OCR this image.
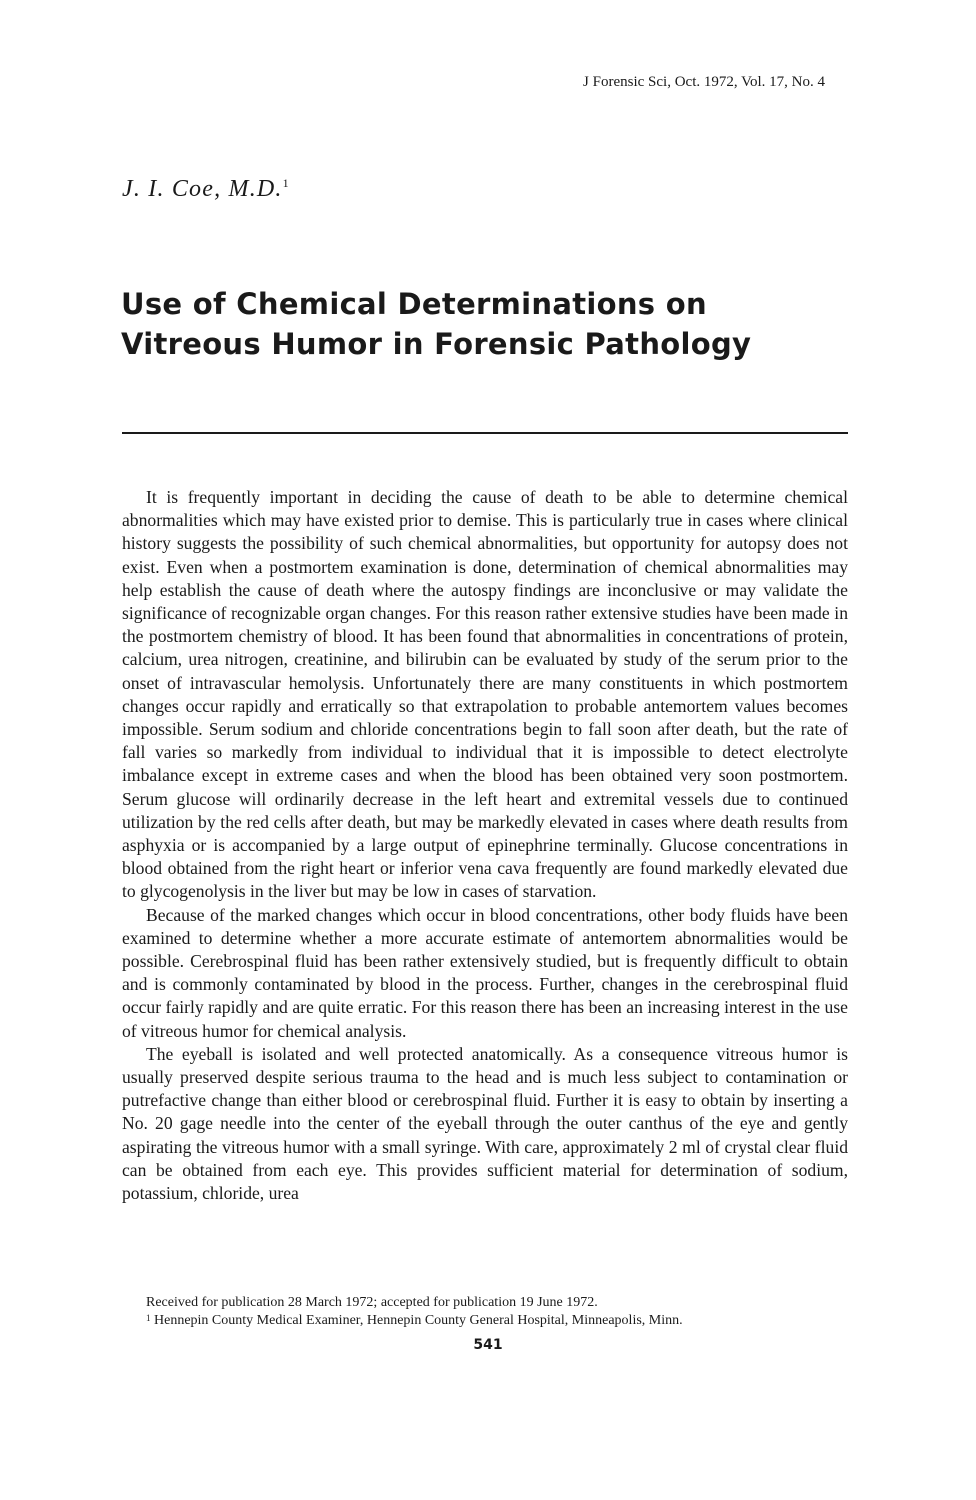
J Forensic Sci, Oct. 1972, Vol. 17, No. 4
J. I. Coe, M.D.$^1$
Use of Chemical Determinations on
Vitreous Humor in Forensic Pathology

It is frequently important in deciding the cause of death to be able to determine chemical abnormalities which may have existed prior to demise. This is particularly true in cases where clinical history suggests the possibility of such chemical abnormalities, but opportunity for autopsy does not exist. Even when a postmortem examination is done, determination of chemical abnormalities may help establish the cause of death where the autospy findings are inconclusive or may validate the significance of recognizable organ changes. For this reason rather extensive studies have been made in the postmortem chemistry of blood. It has been found that abnormalities in concentrations of protein, calcium, urea nitrogen, creatinine, and bilirubin can be evaluated by study of the serum prior to the onset of intravascular hemolysis. Unfortunately there are many constituents in which postmortem changes occur rapidly and erratically so that extrapolation to probable antemortem values becomes impossible. Serum sodium and chloride concentrations begin to fall soon after death, but the rate of fall varies so markedly from individual to individual that it is impossible to detect electrolyte imbalance except in extreme cases and when the blood has been obtained very soon postmortem. Serum glucose will ordinarily decrease in the left heart and extremital vessels due to continued utilization by the red cells after death, but may be markedly elevated in cases where death results from asphyxia or is accompanied by a large output of epinephrine terminally. Glucose concentrations in blood obtained from the right heart or inferior vena cava frequently are found markedly elevated due to glycogenolysis in the liver but may be low in cases of starvation.

Because of the marked changes which occur in blood concentrations, other body fluids have been examined to determine whether a more accurate estimate of antemortem abnormalities would be possible. Cerebrospinal fluid has been rather extensively studied, but is frequently difficult to obtain and is commonly contaminated by blood in the process. Further, changes in the cerebrospinal fluid occur fairly rapidly and are quite erratic. For this reason there has been an increasing interest in the use of vitreous humor for chemical analysis.

The eyeball is isolated and well protected anatomically. As a consequence vitreous humor is usually preserved despite serious trauma to the head and is much less subject to contamination or putrefactive change than either blood or cerebrospinal fluid. Further it is easy to obtain by inserting a No. 20 gage needle into the center of the eyeball through the outer canthus of the eye and gently aspirating the vitreous humor with a small syringe. With care, approximately 2 ml of crystal clear fluid can be obtained from each eye. This provides sufficient material for determination of sodium, potassium, chloride, urea

Received for publication 28 March 1972; accepted for publication 19 June 1972.

$^1$ Hennepin County Medical Examiner, Hennepin County General Hospital, Minneapolis, Minn.

541
